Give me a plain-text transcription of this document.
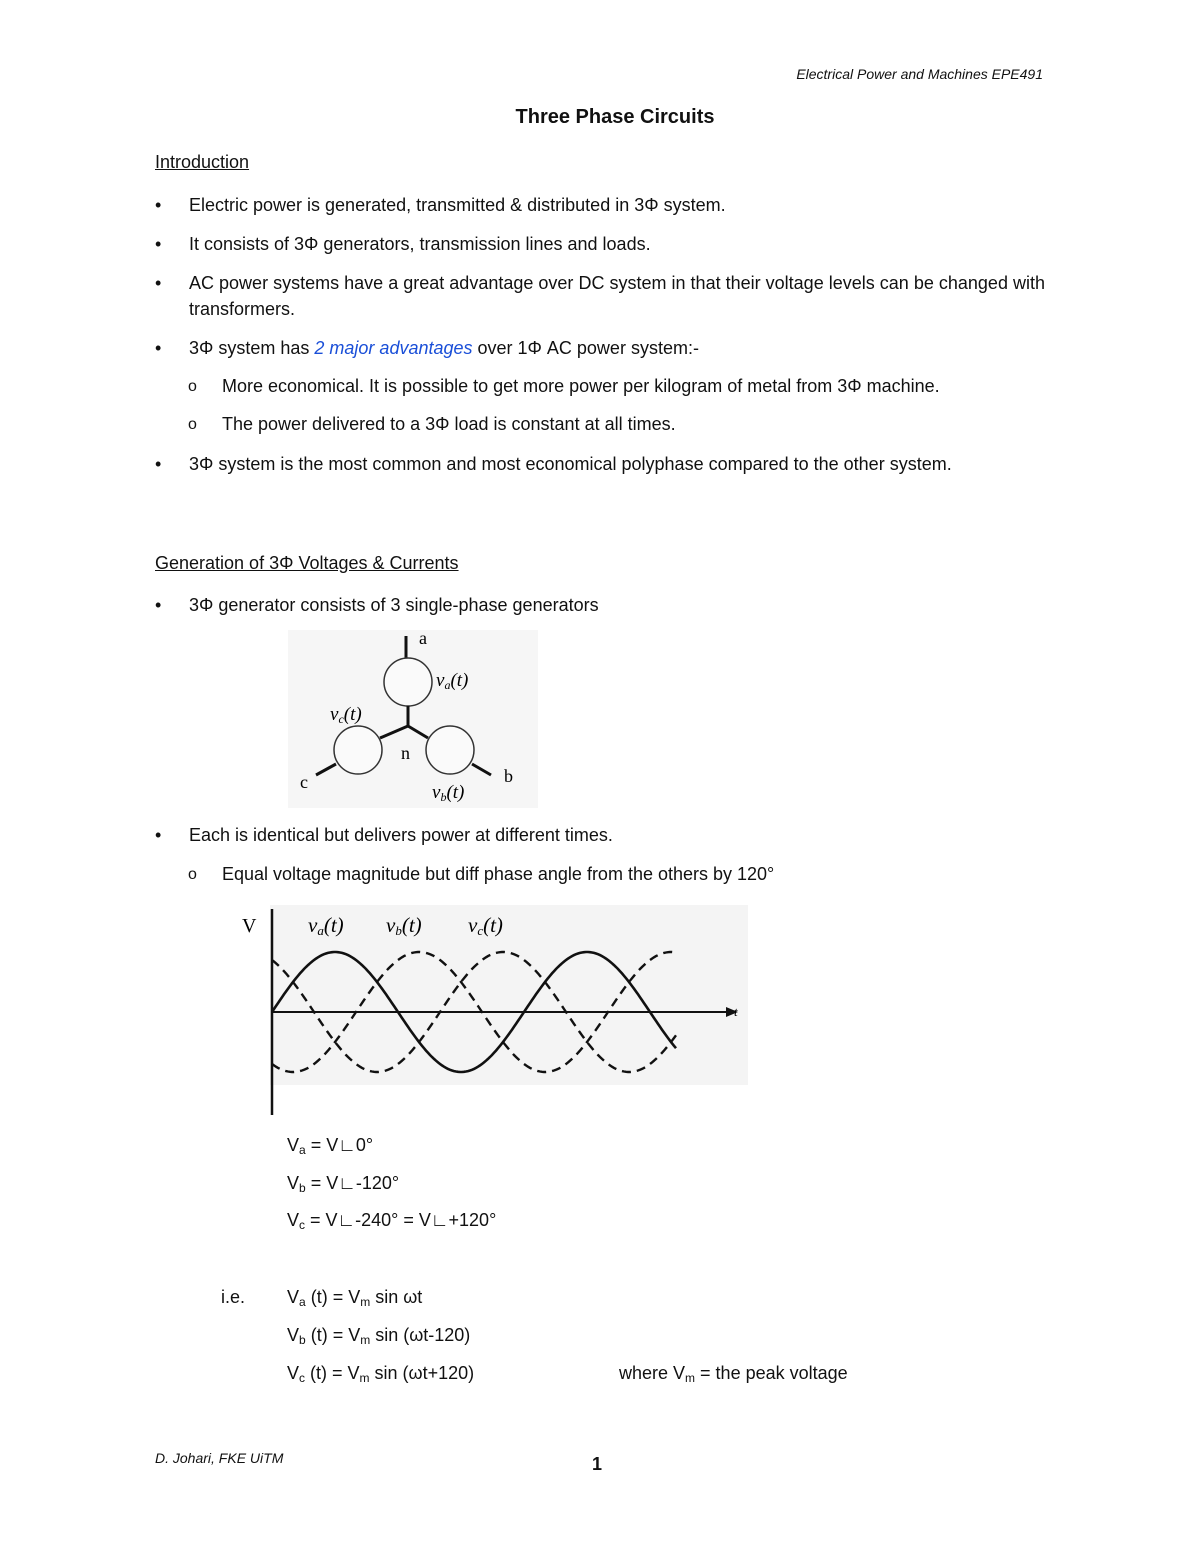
Electrical Power and Machines EPE491
Three Phase Circuits
Introduction
• Electric power is generated, transmitted & distributed in 3Φ system.
• It consists of 3Φ generators, transmission lines and loads.
• AC power systems have a great advantage over DC system in that their voltage levels can be changed with transformers.
• 3Φ system has 2 major advantages over 1Φ AC power system:-
o More economical. It is possible to get more power per kilogram of metal from 3Φ machine.
o The power delivered to a 3Φ load is constant at all times.
• 3Φ system is the most common and most economical polyphase compared to the other system.
Generation of 3Φ Voltages & Currents
• 3Φ generator consists of 3 single-phase generators
a
va(t)
vc(t)
n
c	b
vb(t)
• Each is identical but delivers power at different times.
o Equal voltage magnitude but diff phase angle from the others by 120°
V
t
va(t) vb(t) vc(t)
$V_a$ = V∟0°
$V_b$ = V∟-120°
$V_c$ = V∟-240° = V∟+120°
i.e. $V_a$ $(t) = V_m$ sin ωt
$V_b$ $(t) = V_m$ sin (ωt-120)
$V_c$ $(t) = V_m$ sin (ωt+120)	where $V_m$ = the peak voltage
D. Johari, FKE UiTM	1
